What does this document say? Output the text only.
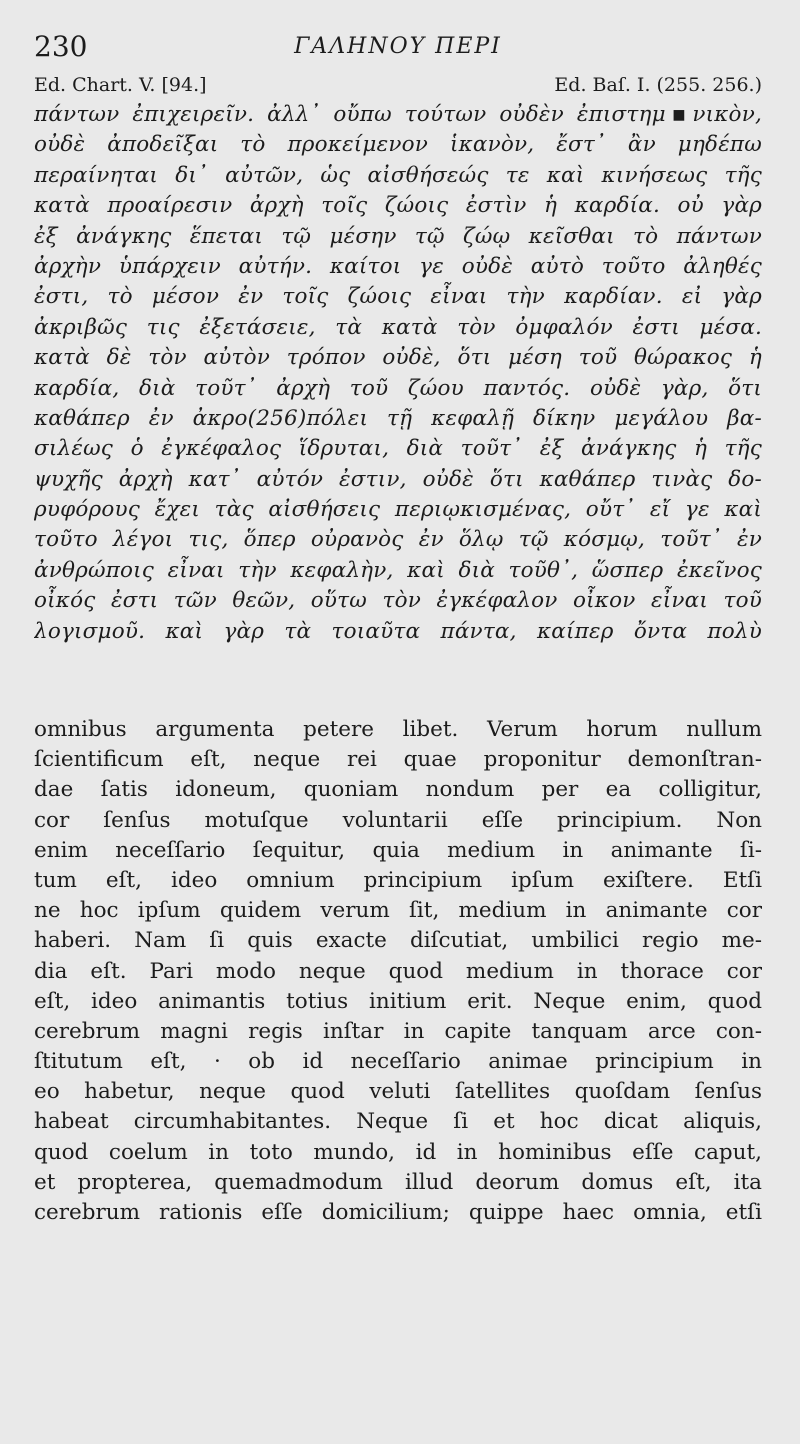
230	ΓΑΛΗΝΟΥ ΠΕΡΙ
Ed. Chart. V. [94.]	Ed. Baſ. I. (255. 256.)
πάντων ἐπιχειρεῖν. ἀλλ᾽ οὔπω τούτων οὐδὲν ἐπιστημ▪νικὸν,
οὐδὲ ἀποδεῖξαι τὸ προκείμενον ἱκανὸν, ἔστ᾽ ἂν μηδέπω
περαίνηται δι᾽ αὐτῶν, ὡς αἰσθήσεώς τε καὶ κινήσεως τῆς
κατὰ προαίρεσιν ἀρχὴ τοῖς ζώοις ἐστὶν ἡ καρδία. οὐ γὰρ
ἐξ ἀνάγκης ἕπεται τῷ μέσην τῷ ζώῳ κεῖσθαι τὸ πάντων
ἀρχὴν ὑπάρχειν αὐτήν. καίτοι γε οὐδὲ αὐτὸ τοῦτο ἀληθές
ἐστι, τὸ μέσον ἐν τοῖς ζώοις εἶναι τὴν καρδίαν. εἰ γὰρ
ἀκριβῶς τις ἐξετάσειε, τὰ κατὰ τὸν ὀμφαλόν ἐστι μέσα.
κατὰ δὲ τὸν αὐτὸν τρόπον οὐδὲ, ὅτι μέση τοῦ θώρακος ἡ
καρδία, διὰ τοῦτ᾽ ἀρχὴ τοῦ ζώου παντός. οὐδὲ γὰρ, ὅτι
καθάπερ ἐν ἀκρο(256)πόλει τῇ κεφαλῇ δίκην μεγάλου βα-
σιλέως ὁ ἐγκέφαλος ἵδρυται, διὰ τοῦτ᾽ ἐξ ἀνάγκης ἡ τῆς
ψυχῆς ἀρχὴ κατ᾽ αὐτόν ἐστιν, οὐδὲ ὅτι καθάπερ τινὰς δο-
ρυφόρους ἔχει τὰς αἰσθήσεις περιῳκισμένας, οὔτ᾽ εἴ γε καὶ
τοῦτο λέγοι τις, ὅπερ οὐρανὸς ἐν ὅλῳ τῷ κόσμῳ, τοῦτ᾽ ἐν
ἀνθρώποις εἶναι τὴν κεφαλὴν, καὶ διὰ τοῦθ᾽, ὥσπερ ἐκεῖνος
οἶκός ἐστι τῶν θεῶν, οὕτω τὸν ἐγκέφαλον οἶκον εἶναι τοῦ
λογισμοῦ. καὶ γὰρ τὰ τοιαῦτα πάντα, καίπερ ὄντα πολὺ
omnibus argumenta petere libet. Verum horum nullum
ſcientificum eſt, neque rei quae proponitur demonſtran-
dae ſatis idoneum, quoniam nondum per ea colligitur,
cor ſenſus motuſque voluntarii eſſe principium. Non
enim neceſſario ſequitur, quia medium in animante ſi-
tum eſt, ideo omnium principium ipſum exiſtere. Etſi
ne hoc ipſum quidem verum ſit, medium in animante cor
haberi. Nam ſi quis exacte diſcutiat, umbilici regio me-
dia eſt. Pari modo neque quod medium in thorace cor
eſt, ideo animantis totius initium erit. Neque enim, quod
cerebrum magni regis inſtar in capite tanquam arce con-
ſtitutum eſt, · ob id neceſſario animae principium in
eo habetur, neque quod veluti ſatellites quoſdam ſenſus
habeat circumhabitantes. Neque ſi et hoc dicat aliquis,
quod coelum in toto mundo, id in hominibus eſſe caput,
et propterea, quemadmodum illud deorum domus eſt, ita
cerebrum rationis eſſe domicilium; quippe haec omnia, etſi
